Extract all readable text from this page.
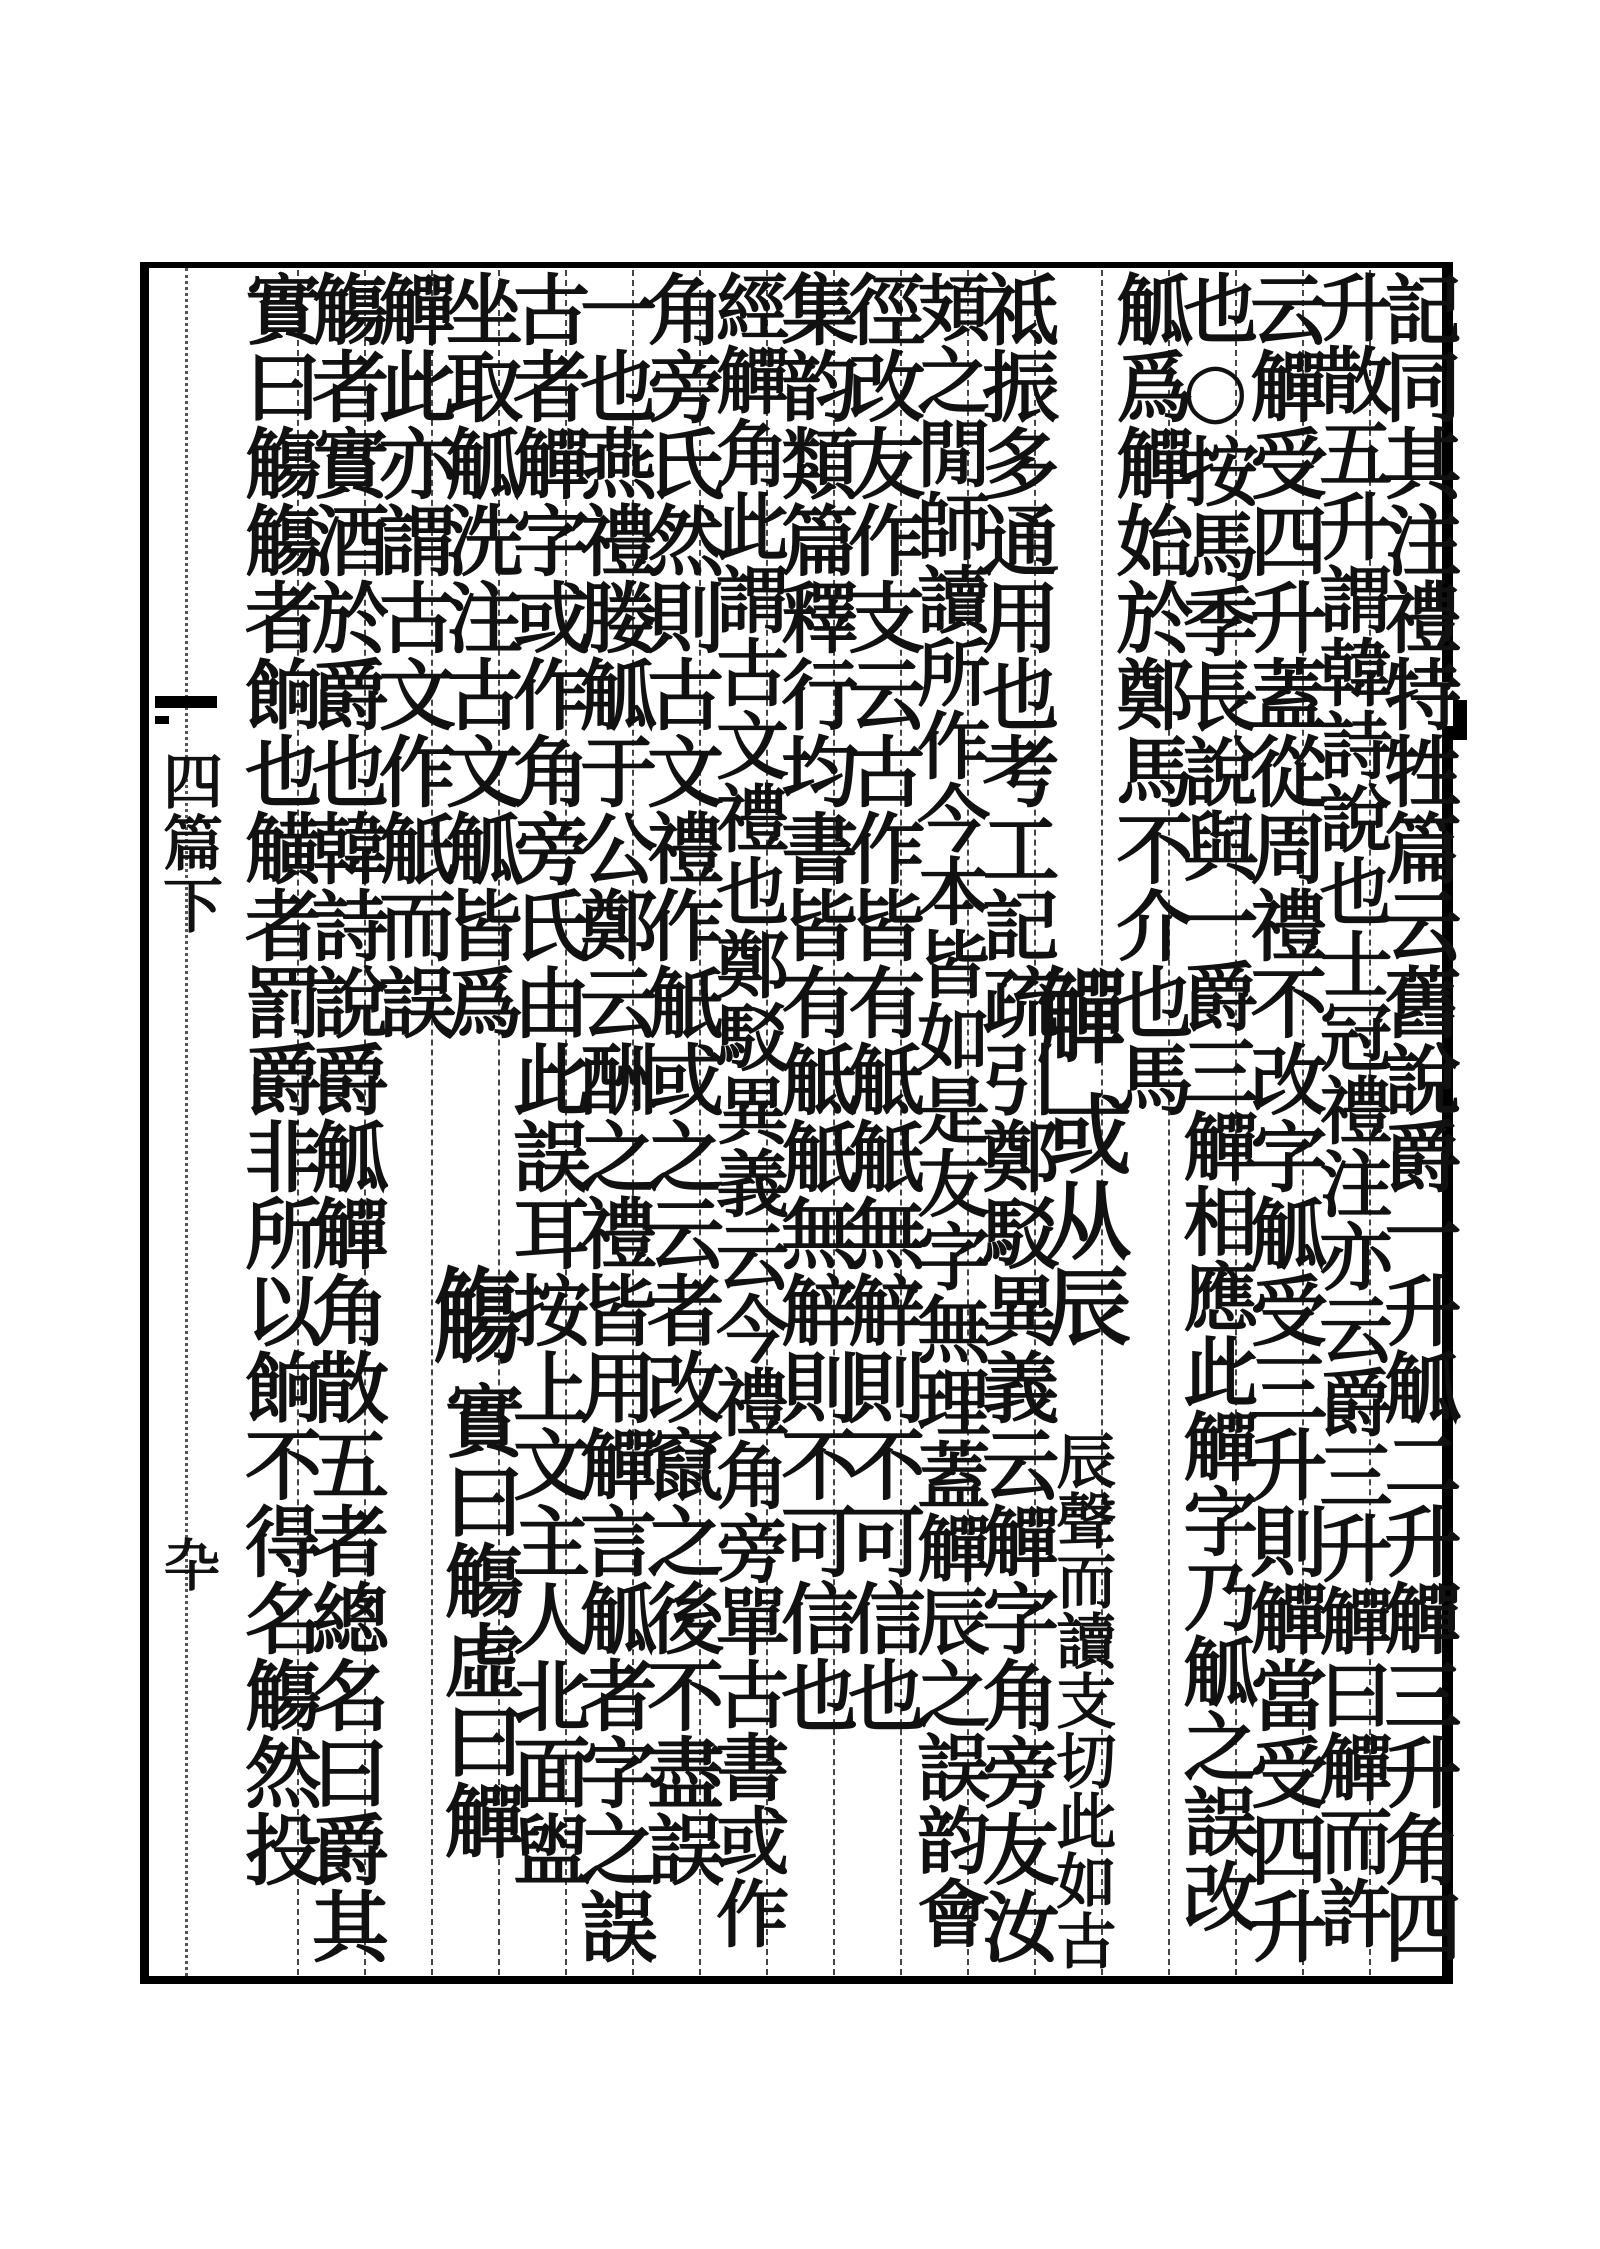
四篇下
卆	記同其注禮特牲篇云舊說爵一升觚二升觶三升角四
升散五升謂韓詩說也士冠禮注亦云爵三升觶曰觶而許
云觶受四升蓋從周禮不改字觚受三升則觶當受四升
也○按馬季長說與一爵三觶相應此觶字乃觚之誤改
觚爲觶始於鄭馬不介也馬
觶
或从辰
辰聲而讀支切此如古
祗振多通用也考工記疏引鄭駁異義云觶字角旁友汝
頍之閒師讀所作今本皆如是友字無理蓋觶辰之誤韵會
徑改友作支云古作皆有觝觗無觪則不可信也
集韵類篇釋行均書皆有觝觗無觪則不可信也
經觶角此謂古文禮也鄭駁異義云今禮角旁單古書或作
角旁氏然則古文禮作觗或之云者改竄之後不盡誤
一也燕禮媵觚于公鄭云酬之禮皆用觶言觚者字之誤
古者觶字或作角旁氏由此誤耳按上文主人北面盥
坐取觚洗注古文觚皆爲
觴
實曰觴虛曰觶
觶此亦謂古文作觗而誤
觴者實酒於爵也韓詩說爵觚觶角散五者總名曰爵其
實曰觴觴者餉也觵者罰爵非所以餉不得名觴然投
